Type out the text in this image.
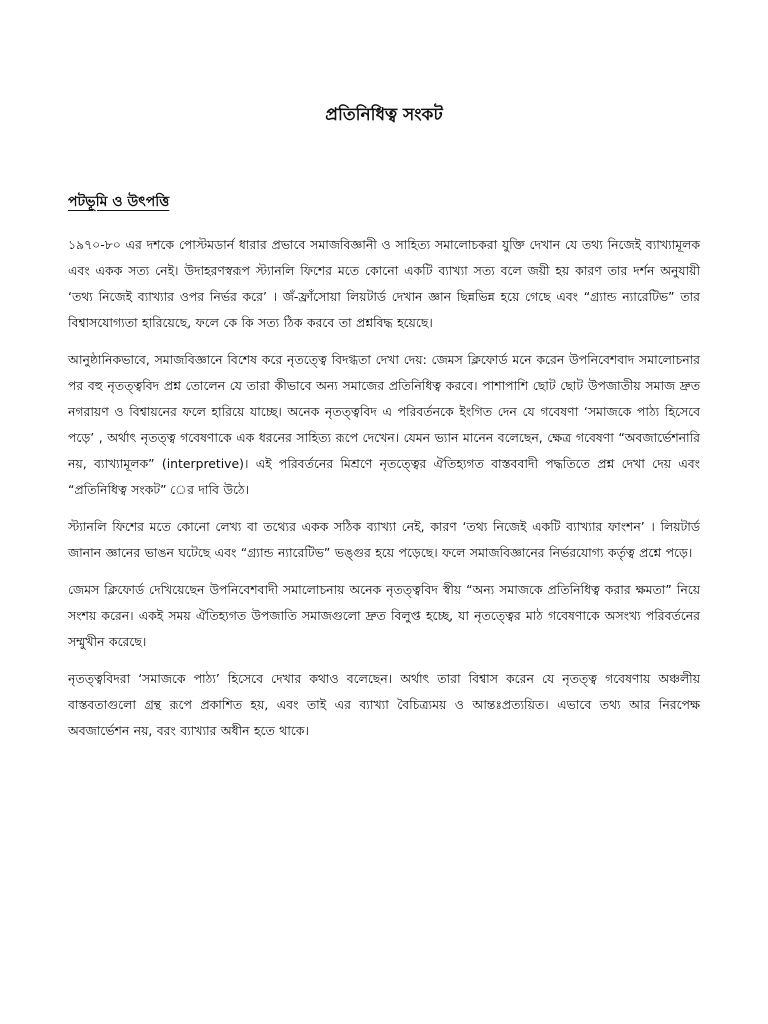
প্রতিনিধিত্ব সংকট
পটভূমি ও উৎপত্তি

১৯৭০-৮০ এর দশকে পোস্টমডার্ন ধারার প্রভাবে সমাজবিজ্ঞানী ও সাহিত্য সমালোচকরা যুক্তি দেখান যে তথ্য নিজেই ব্যাখ্যামূলক এবং একক সত্য নেই। উদাহরণস্বরূপ স্ট্যানলি ফিশের মতে কোনো একটি ব্যাখ্যা সত্য বলে জয়ী হয় কারণ তার দর্শন অনুযায়ী ‘তথ্য নিজেই ব্যাখ্যার ওপর নির্ভর করে’ । জঁ-ফ্রাঁসোয়া লিয়টার্ড দেখান জ্ঞান ছিন্নভিন্ন হয়ে গেছে এবং “গ্র্যান্ড ন্যারেটিভ” তার বিশ্বাসযোগ্যতা হারিয়েছে, ফলে কে কি সত্য ঠিক করবে তা প্রশ্নবিদ্ধ হয়েছে।

আনুষ্ঠানিকভাবে, সমাজবিজ্ঞানে বিশেষ করে নৃতত্ত্বে বিদগ্ধতা দেখা দেয়: জেমস ক্লিফোর্ড মনে করেন উপনিবেশবাদ সমালোচনার পর বহু নৃতত্ত্ববিদ প্রশ্ন তোলেন যে তারা কীভাবে অন্য সমাজের প্রতিনিধিত্ব করবে। পাশাপাশি ছোট ছোট উপজাতীয় সমাজ দ্রুত নগরায়ণ ও বিশ্বায়নের ফলে হারিয়ে যাচ্ছে। অনেক নৃতত্ত্ববিদ এ পরিবর্তনকে ইংগিত দেন যে গবেষণা ‘সমাজকে পাঠ্য হিসেবে পড়ে’ , অর্থাৎ নৃতত্ত্ব গবেষণাকে এক ধরনের সাহিত্য রূপে দেখেন। যেমন ভ্যান মানেন বলেছেন, ক্ষেত্র গবেষণা “অবজার্ভেশনারি নয়, ব্যাখ্যামূলক” (interpretive)। এই পরিবর্তনের মিশ্রণে নৃতত্ত্বের ঐতিহ্যগত বাস্তববাদী পদ্ধতিতে প্রশ্ন দেখা দেয় এবং “প্রতিনিধিত্ব সংকট” ের দাবি উঠে।

স্ট্যানলি ফিশের মতে কোনো লেখ্য বা তথ্যের একক সঠিক ব্যাখ্যা নেই, কারণ ‘তথ্য নিজেই একটি ব্যাখ্যার ফাংশন’ । লিয়টার্ড জানান জ্ঞানের ভাঙন ঘটেছে এবং “গ্র্যান্ড ন্যারেটিভ” ভঙ্গুর হয়ে পড়েছে। ফলে সমাজবিজ্ঞানের নির্ভরযোগ্য কর্তৃত্ব প্রশ্নে পড়ে।

জেমস ক্লিফোর্ড দেখিয়েছেন উপনিবেশবাদী সমালোচনায় অনেক নৃতত্ত্ববিদ স্বীয় “অন্য সমাজকে প্রতিনিধিত্ব করার ক্ষমতা” নিয়ে সংশয় করেন। একই সময় ঐতিহ্যগত উপজাতি সমাজগুলো দ্রুত বিলুপ্ত হচ্ছে, যা নৃতত্ত্বের মাঠ গবেষণাকে অসংখ্য পরিবর্তনের সম্মুখীন করেছে।

নৃতত্ত্ববিদরা ‘সমাজকে পাঠ্য’ হিসেবে দেখার কথাও বলেছেন। অর্থাৎ তারা বিশ্বাস করেন যে নৃতত্ত্ব গবেষণায় অঞ্চলীয় বাস্তবতাগুলো গ্রন্থ রূপে প্রকাশিত হয়, এবং তাই এর ব্যাখ্যা বৈচিত্র্যময় ও আন্তঃপ্রত্যয়িত। এভাবে তথ্য আর নিরপেক্ষ অবজার্ভেশন নয়, বরং ব্যাখ্যার অধীন হতে থাকে।
